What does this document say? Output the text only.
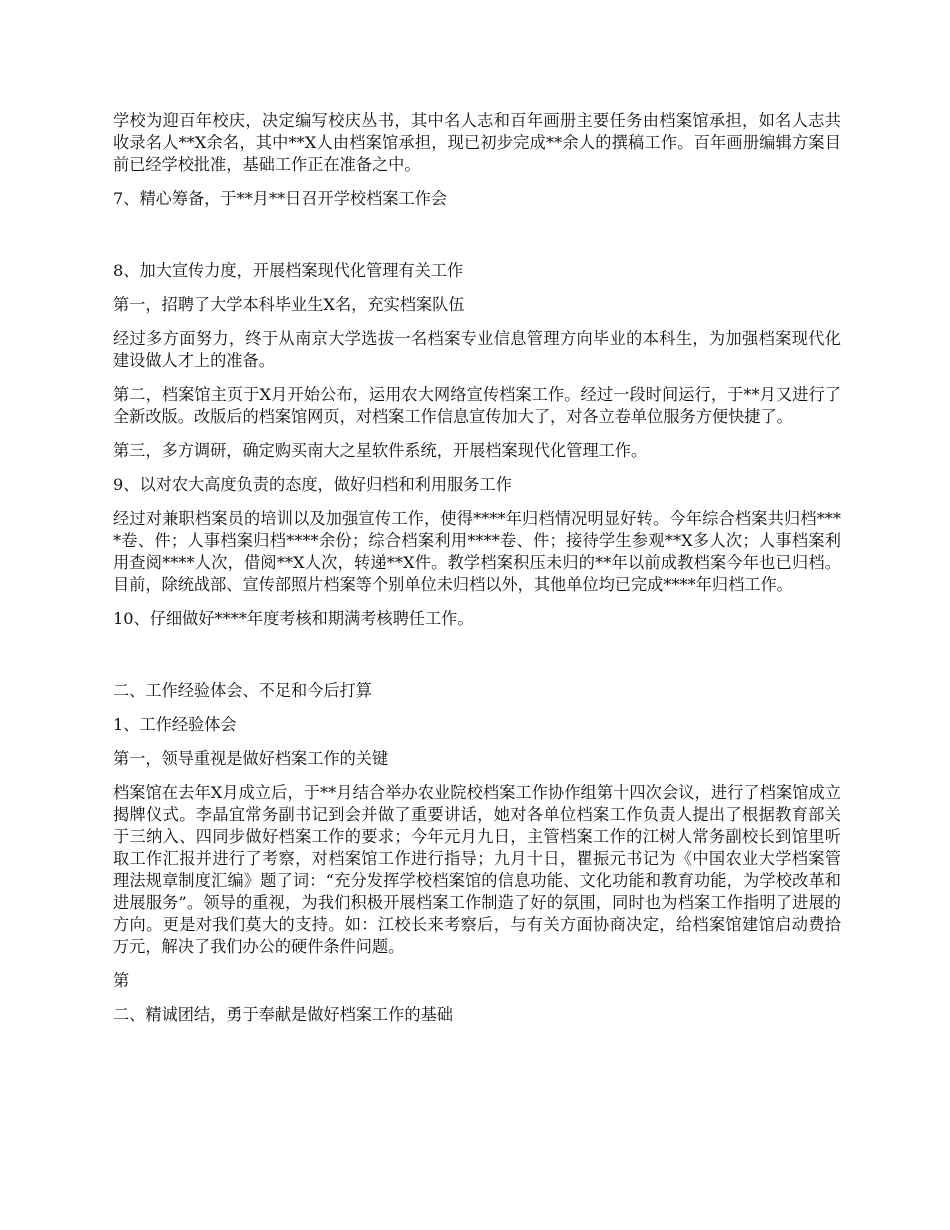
学校为迎百年校庆，决定编写校庆丛书，其中名人志和百年画册主要任务由档案馆承担，如名人志共收录名人**X余名，其中**X人由档案馆承担，现已初步完成**余人的撰稿工作。百年画册编辑方案目前已经学校批准，基础工作正在准备之中。

7、精心筹备，于**月**日召开学校档案工作会

8、加大宣传力度，开展档案现代化管理有关工作

第一，招聘了大学本科毕业生X名，充实档案队伍

经过多方面努力，终于从南京大学选拔一名档案专业信息管理方向毕业的本科生，为加强档案现代化建设做人才上的准备。

第二，档案馆主页于X月开始公布，运用农大网络宣传档案工作。经过一段时间运行，于**月又进行了全新改版。改版后的档案馆网页，对档案工作信息宣传加大了，对各立卷单位服务方便快捷了。

第三，多方调研，确定购买南大之星软件系统，开展档案现代化管理工作。

9、以对农大高度负责的态度，做好归档和利用服务工作

经过对兼职档案员的培训以及加强宣传工作，使得****年归档情况明显好转。今年综合档案共归档****卷、件；人事档案归档****余份；综合档案利用****卷、件；接待学生参观**X多人次；人事档案利用查阅****人次，借阅**X人次，转递**X件。教学档案积压未归的**年以前成教档案今年也已归档。目前，除统战部、宣传部照片档案等个别单位未归档以外，其他单位均已完成****年归档工作。

10、仔细做好****年度考核和期满考核聘任工作。

二、工作经验体会、不足和今后打算

1、工作经验体会

第一，领导重视是做好档案工作的关键

档案馆在去年X月成立后，于**月结合举办农业院校档案工作协作组第十四次会议，进行了档案馆成立揭牌仪式。李晶宜常务副书记到会并做了重要讲话，她对各单位档案工作负责人提出了根据教育部关于三纳入、四同步做好档案工作的要求；今年元月九日，主管档案工作的江树人常务副校长到馆里听取工作汇报并进行了考察，对档案馆工作进行指导；九月十日，瞿振元书记为《中国农业大学档案管理法规章制度汇编》题了词：“充分发挥学校档案馆的信息功能、文化功能和教育功能，为学校改革和进展服务”。领导的重视，为我们积极开展档案工作制造了好的氛围，同时也为档案工作指明了进展的方向。更是对我们莫大的支持。如：江校长来考察后，与有关方面协商决定，给档案馆建馆启动费拾万元，解决了我们办公的硬件条件问题。

第

二、精诚团结，勇于奉献是做好档案工作的基础
